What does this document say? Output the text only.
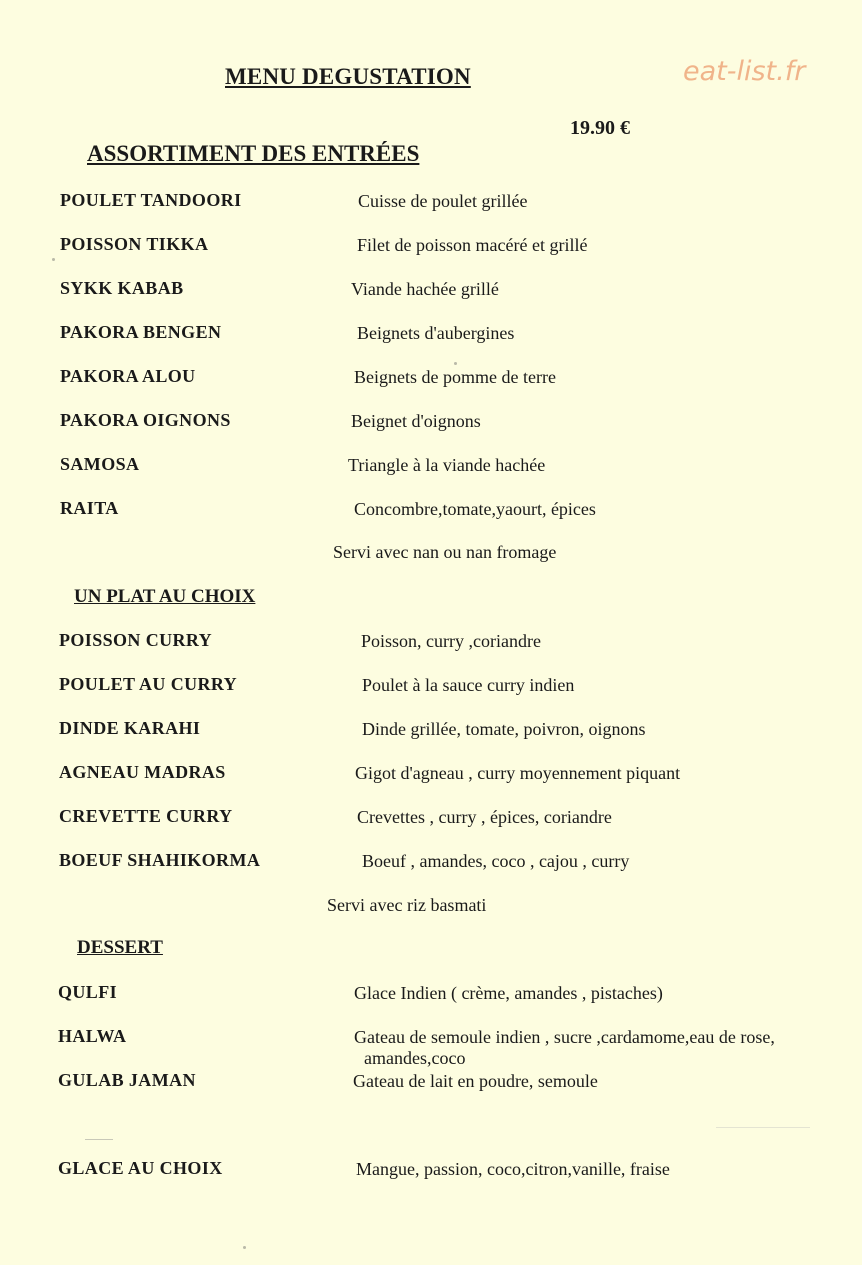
MENU DEGUSTATION	eat-list.fr
19.90 €
ASSORTIMENT DES ENTRÉES
POULET TANDOORI	Cuisse de poulet grillée
POISSON TIKKA	Filet de poisson macéré et grillé
SYKK KABAB	Viande hachée grillé
PAKORA BENGEN	Beignets d'aubergines
PAKORA ALOU	Beignets de pomme de terre
PAKORA OIGNONS	Beignet d'oignons
SAMOSA	Triangle à la viande hachée
RAITA	Concombre,tomate,yaourt, épices
Servi avec nan ou nan fromage
UN PLAT AU CHOIX
POISSON CURRY	Poisson, curry ,coriandre
POULET AU CURRY	Poulet à la sauce curry indien
DINDE KARAHI	Dinde grillée, tomate, poivron, oignons
AGNEAU MADRAS	Gigot d'agneau , curry moyennement piquant
CREVETTE CURRY	Crevettes , curry , épices, coriandre
BOEUF SHAHIKORMA	Boeuf , amandes, coco , cajou , curry
Servi avec riz basmati
DESSERT
QULFI	Glace Indien ( crème, amandes , pistaches)
HALWA	Gateau de semoule indien , sucre ,cardamome,eau de rose,
amandes,coco
GULAB JAMAN	Gateau de lait en poudre, semoule
GLACE AU CHOIX	Mangue, passion, coco,citron,vanille, fraise
